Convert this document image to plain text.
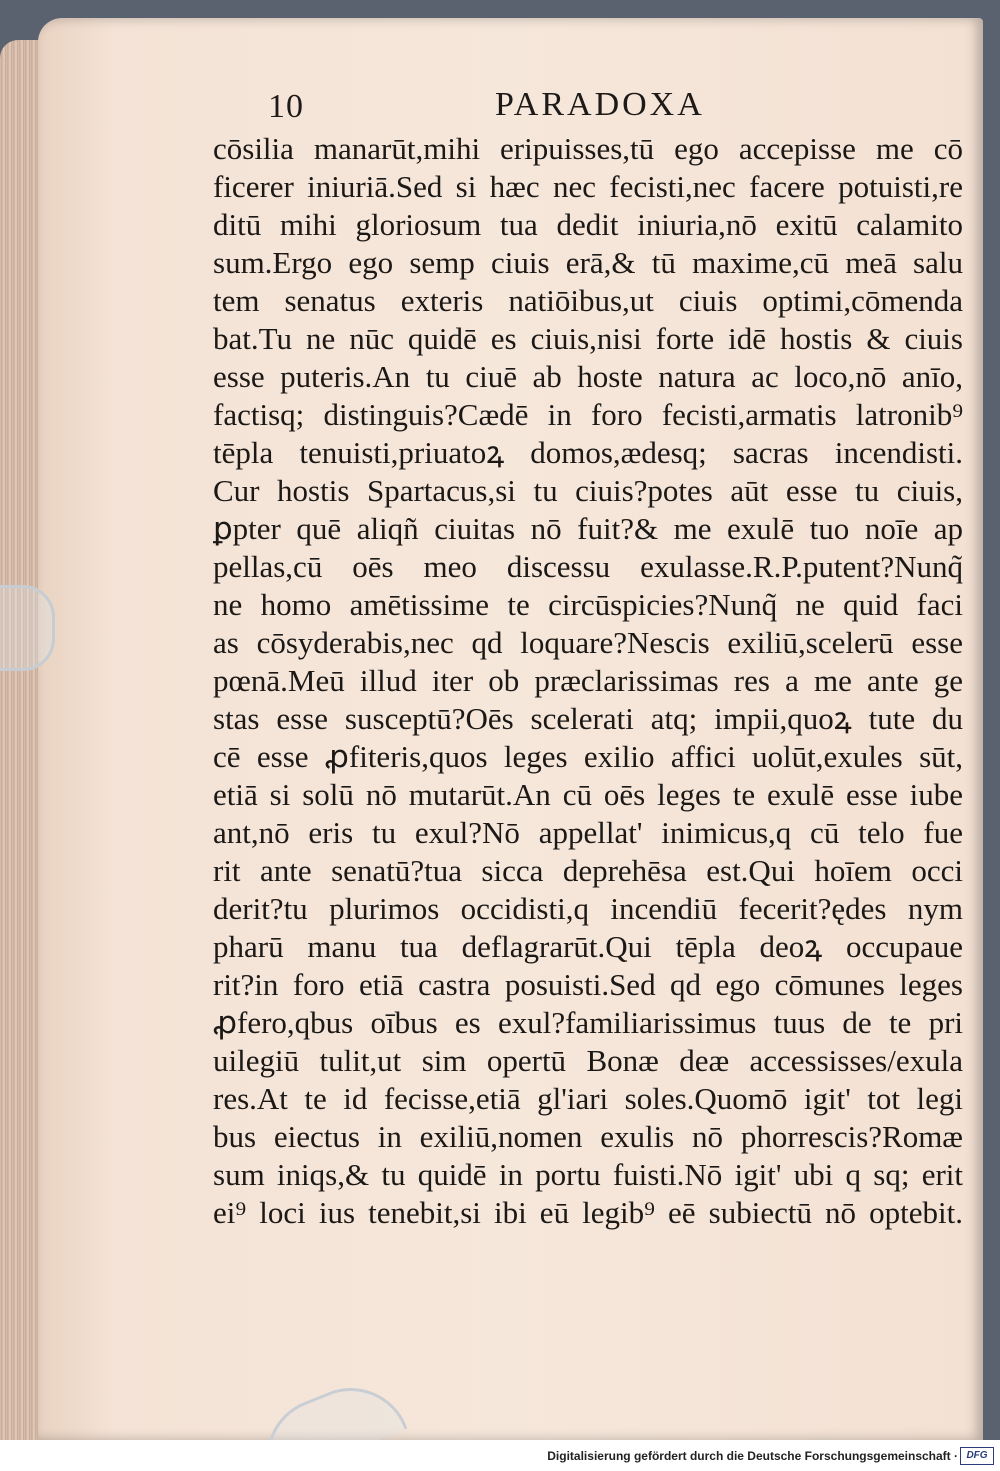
10	PARADOXA
cōsilia manarūt,mihi eripuisses,tū ego accepisse me cō
ficerer iniuriā.Sed si hæc nec fecisti,nec facere potuisti,re
ditū mihi gloriosum tua dedit iniuria,nō exitū calamito
sum.Ergo ego semp ciuis erā,& tū maxime,cū meā salu
tem senatus exteris natiōibus,ut ciuis optimi,cōmenda
bat.Tu ne nūc quidē es ciuis,nisi forte idē hostis & ciuis
esse puteris.An tu ciuē ab hoste natura ac loco,nō anīo,
factisq; distinguis?Cædē in foro fecisti,armatis latronib⁹
tēpla tenuisti,priuatoꝝ domos,ædesq; sacras incendisti.
Cur hostis Spartacus,si tu ciuis?potes aūt esse tu ciuis,
ꝑpter quē aliqñ ciuitas nō fuit?& me exulē tuo noīe ap
pellas,cū oēs meo discessu exulasse.R.P.putent?Nunq̃
ne homo amētissime te circūspicies?Nunq̃ ne quid faci
as cōsyderabis,nec qd loquare?Nescis exiliū,scelerū esse
pœnā.Meū illud iter ob præclarissimas res a me ante ge
stas esse susceptū?Oēs scelerati atq; impii,quoꝝ tute du
cē esse ꝓfiteris,quos leges exilio affici uolūt,exules sūt,
etiā si solū nō mutarūt.An cū oēs leges te exulē esse iube
ant,nō eris tu exul?Nō appellat' inimicus,q cū telo fue
rit ante senatū?tua sicca deprehēsa est.Qui hoīem occi
derit?tu plurimos occidisti,q incendiū fecerit?ędes nym
pharū manu tua deflagrarūt.Qui tēpla deoꝝ occupaue
rit?in foro etiā castra posuisti.Sed qd ego cōmunes leges
ꝓfero,qbus oībus es exul?familiarissimus tuus de te pri
uilegiū tulit,ut sim opertū Bonæ deæ accessisses/exula
res.At te id fecisse,etiā gl'iari soles.Quomō igit' tot legi
bus eiectus in exiliū,nomen exulis nō phorrescis?Romæ
sum iniqs,& tu quidē in portu fuisti.Nō igit' ubi q sq; erit
ei⁹ loci ius tenebit,si ibi eū legib⁹ eē subiectū nō optebit.
Digitalisierung gefördert durch die Deutsche Forschungsgemeinschaft · DFG
